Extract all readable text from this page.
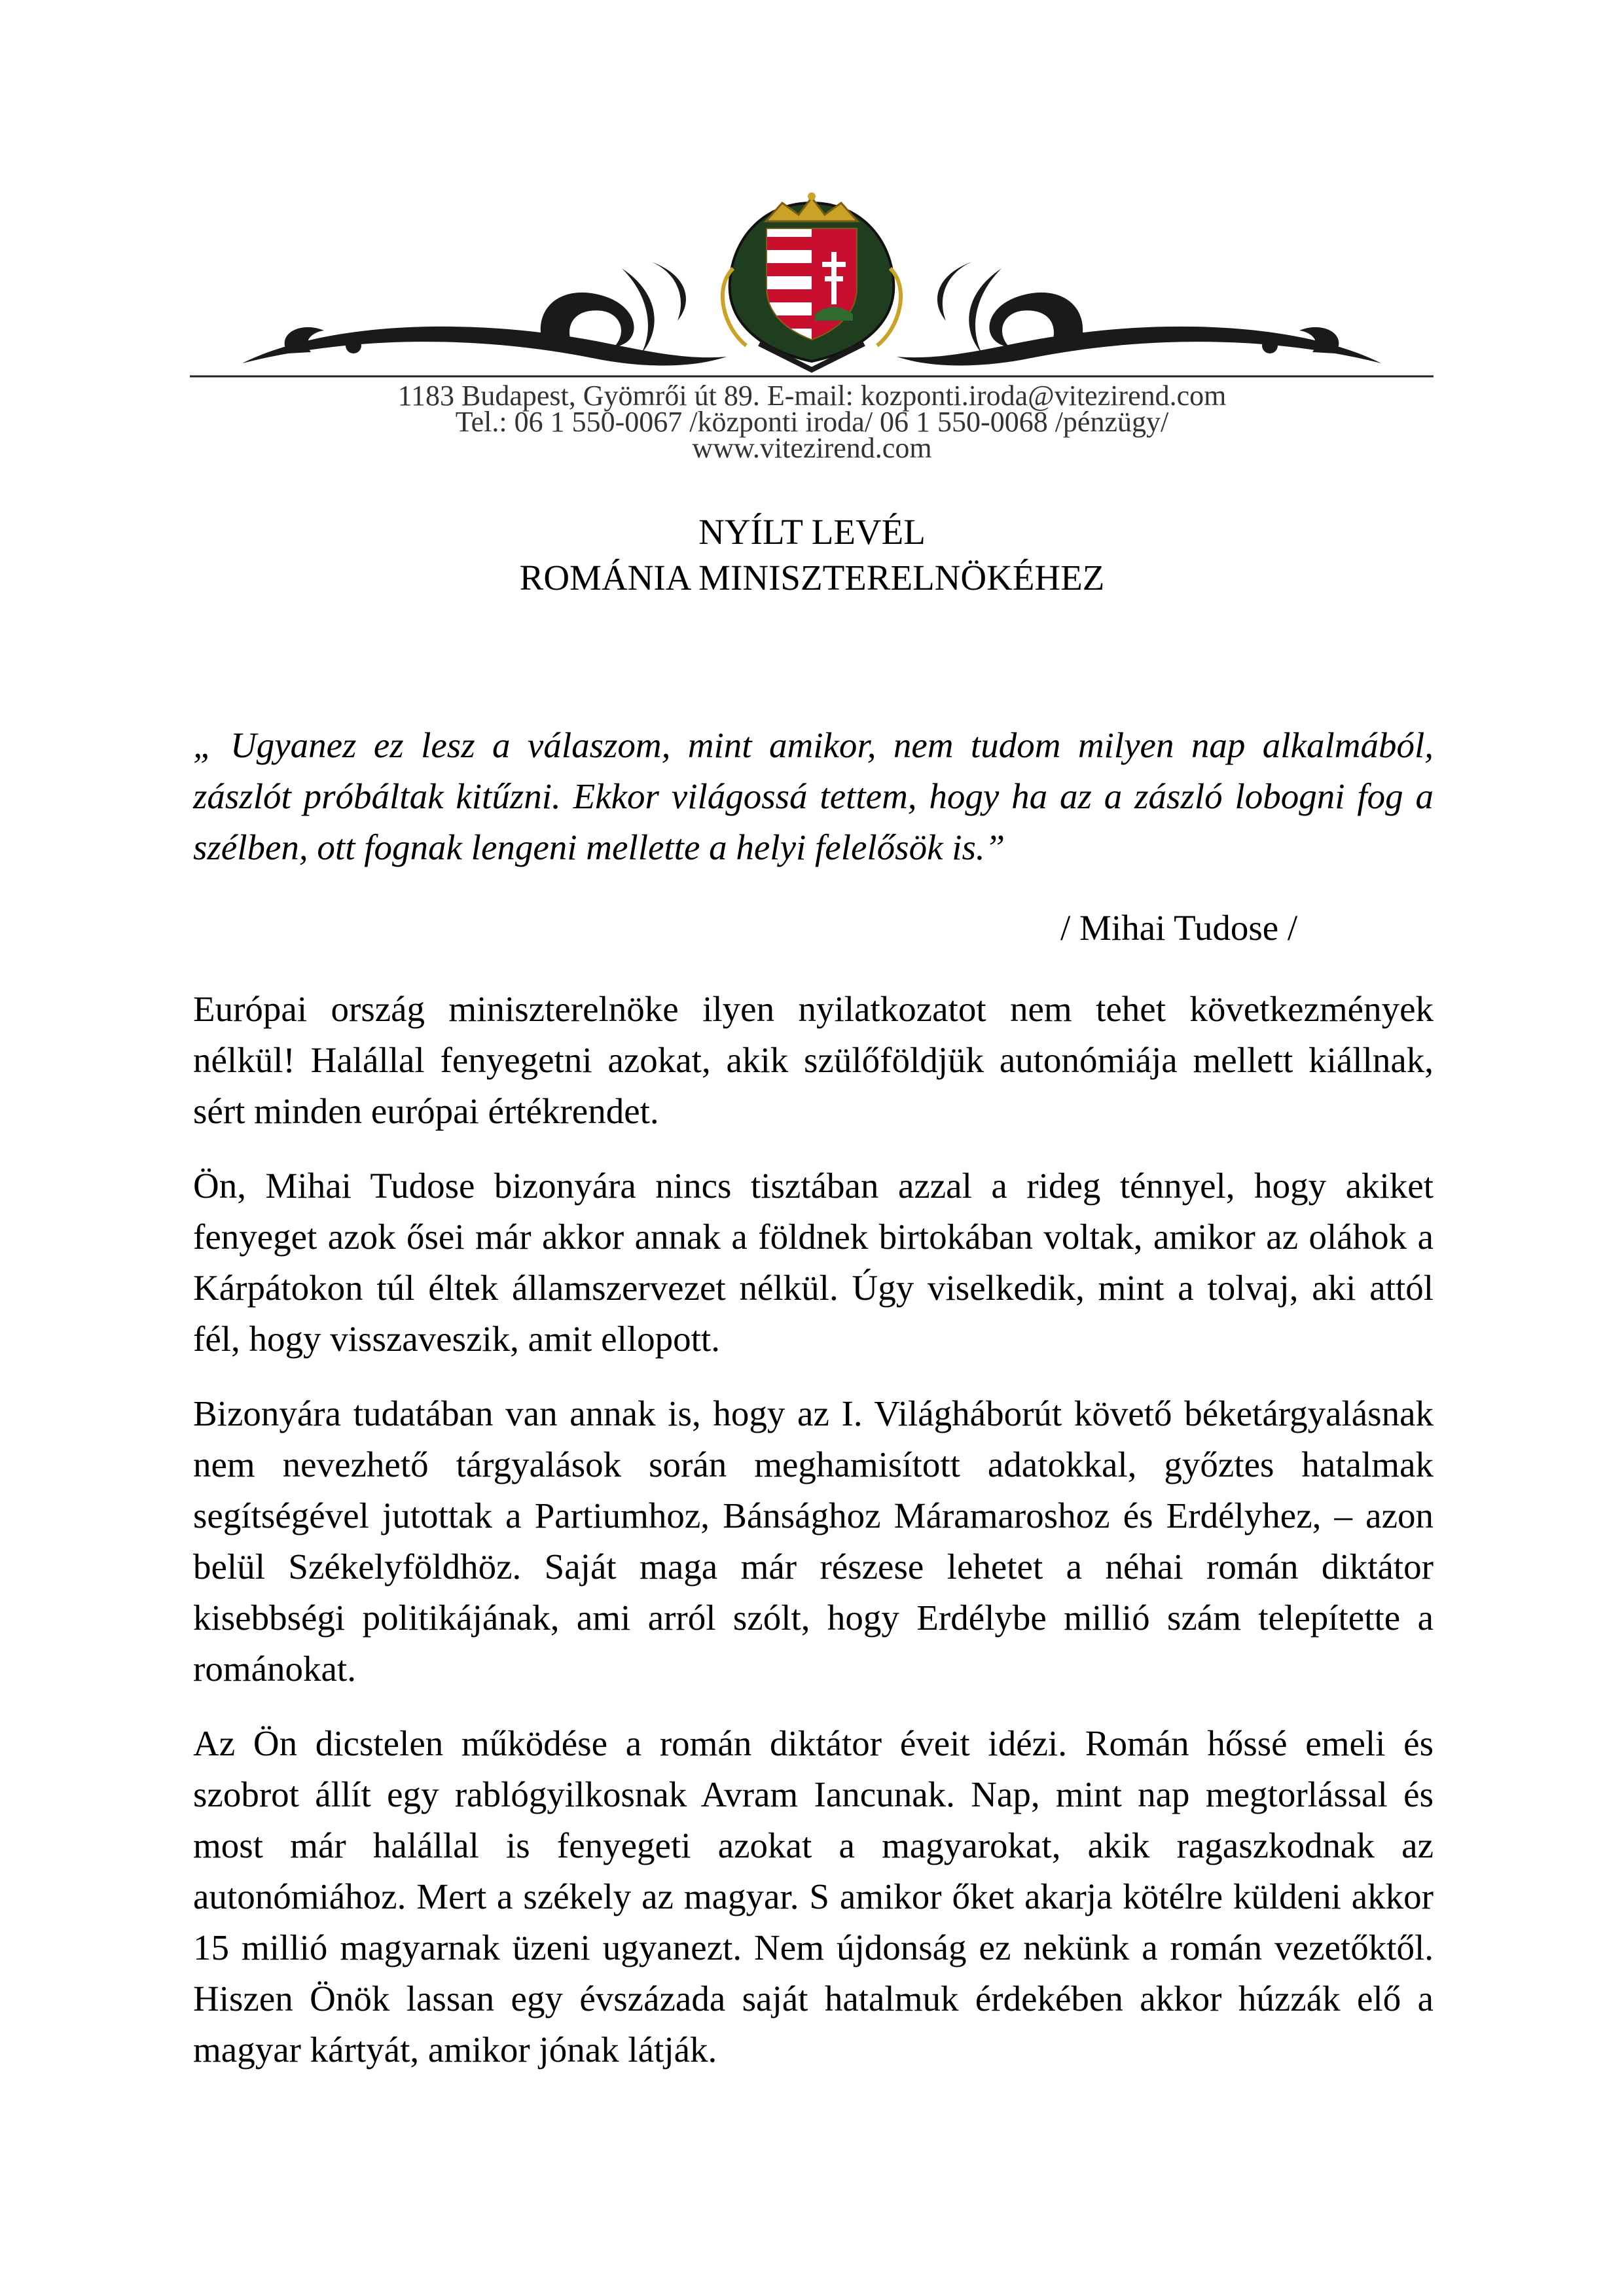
1183 Budapest, Gyömrői út 89. E-mail: kozponti.iroda@vitezirend.com
Tel.: 06 1 550-0067 /központi iroda/ 06 1 550-0068 /pénzügy/
www.vitezirend.com
NYÍLT LEVÉL
ROMÁNIA MINISZTERELNÖKÉHEZ
„ Ugyanez ez lesz a válaszom, mint amikor, nem tudom milyen nap alkalmából, zászlót próbáltak kitűzni. Ekkor világossá tettem, hogy ha az a zászló lobogni fog a szélben, ott fognak lengeni mellette a helyi felelősök is.”
/ Mihai Tudose /

Európai ország miniszterelnöke ilyen nyilatkozatot nem tehet következmények nélkül! Halállal fenyegetni azokat, akik szülőföldjük autonómiája mellett kiállnak, sért minden európai értékrendet.

Ön, Mihai Tudose bizonyára nincs tisztában azzal a rideg ténnyel, hogy akiket fenyeget azok ősei már akkor annak a földnek birtokában voltak, amikor az oláhok a Kárpátokon túl éltek államszervezet nélkül. Úgy viselkedik, mint a tolvaj, aki attól fél, hogy visszaveszik, amit ellopott.

Bizonyára tudatában van annak is, hogy az I. Világháborút követő béketárgyalásnak nem nevezhető tárgyalások során meghamisított adatokkal, győztes hatalmak segítségével jutottak a Partiumhoz, Bánsághoz Máramaroshoz és Erdélyhez, – azon belül Székelyföldhöz. Saját maga már részese lehetet a néhai román diktátor kisebbségi politikájának, ami arról szólt, hogy Erdélybe millió szám telepítette a románokat.

Az Ön dicstelen működése a román diktátor éveit idézi. Román hőssé emeli és szobrot állít egy rablógyilkosnak Avram Iancunak. Nap, mint nap megtorlással és most már halállal is fenyegeti azokat a magyarokat, akik ragaszkodnak az autonómiához. Mert a székely az magyar. S amikor őket akarja kötélre küldeni akkor 15 millió magyarnak üzeni ugyanezt. Nem újdonság ez nekünk a román vezetőktől. Hiszen Önök lassan egy évszázada saját hatalmuk érdekében akkor húzzák elő a magyar kártyát, amikor jónak látják.
